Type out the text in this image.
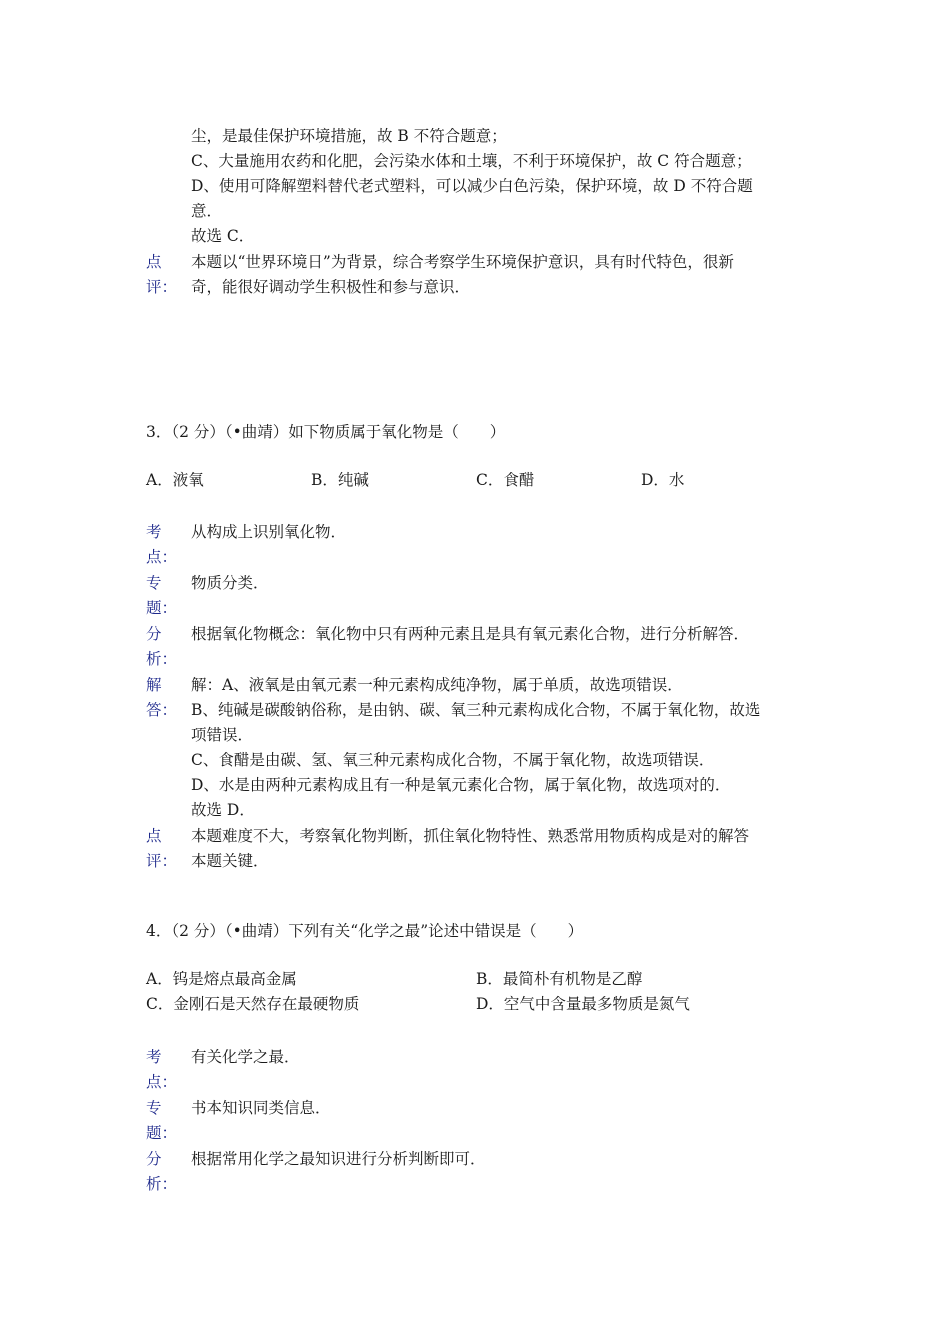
尘，是最佳保护环境措施，故 B 不符合题意；
C、大量施用农药和化肥，会污染水体和土壤，不利于环境保护，故 C 符合题意；
D、使用可降解塑料替代老式塑料，可以减少白色污染，保护环境，故 D 不符合题
意．
故选 C．
点
评：
本题以“世界环境日”为背景，综合考察学生环境保护意识，具有时代特色，很新
奇，能很好调动学生积极性和参与意识．
3．（2 分）（•曲靖）如下物质属于氧化物是（　　）
A．液氧	B．纯碱	C．食醋	D．水
考
点：
从构成上识别氧化物．
专
题：
物质分类．
分
析：
根据氧化物概念：氧化物中只有两种元素且是具有氧元素化合物，进行分析解答．
解
答：
解：A、液氧是由氧元素一种元素构成纯净物，属于单质，故选项错误．
B、纯碱是碳酸钠俗称，是由钠、碳、氧三种元素构成化合物，不属于氧化物，故选
项错误．
C、食醋是由碳、氢、氧三种元素构成化合物，不属于氧化物，故选项错误．
D、水是由两种元素构成且有一种是氧元素化合物，属于氧化物，故选项对的．
故选 D．
点
评：
本题难度不大，考察氧化物判断，抓住氧化物特性、熟悉常用物质构成是对的解答
本题关键．
4．（2 分）（•曲靖）下列有关“化学之最”论述中错误是（　　）
A．钨是熔点最高金属	B．最简朴有机物是乙醇
C．金刚石是天然存在最硬物质	D．空气中含量最多物质是氮气
考
点：
有关化学之最．
专
题：
书本知识同类信息．
分
析：
根据常用化学之最知识进行分析判断即可．
